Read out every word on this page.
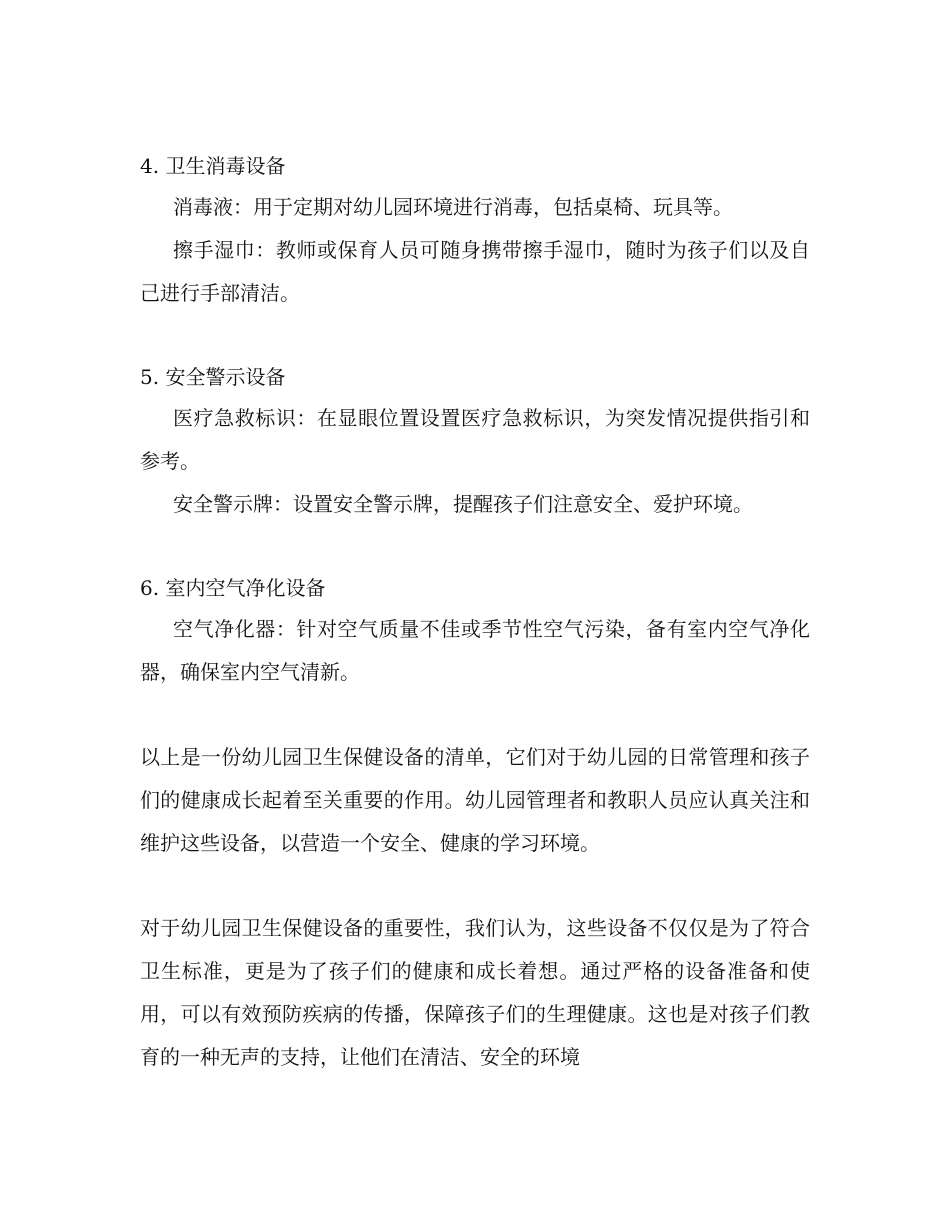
4. 卫生消毒设备
消毒液：用于定期对幼儿园环境进行消毒，包括桌椅、玩具等。
擦手湿巾：教师或保育人员可随身携带擦手湿巾，随时为孩子们以及自己进行手部清洁。
5. 安全警示设备
医疗急救标识：在显眼位置设置医疗急救标识，为突发情况提供指引和参考。
安全警示牌：设置安全警示牌，提醒孩子们注意安全、爱护环境。
6. 室内空气净化设备
空气净化器：针对空气质量不佳或季节性空气污染，备有室内空气净化器，确保室内空气清新。
以上是一份幼儿园卫生保健设备的清单，它们对于幼儿园的日常管理和孩子们的健康成长起着至关重要的作用。幼儿园管理者和教职人员应认真关注和维护这些设备，以营造一个安全、健康的学习环境。
对于幼儿园卫生保健设备的重要性，我们认为，这些设备不仅仅是为了符合卫生标准，更是为了孩子们的健康和成长着想。通过严格的设备准备和使用，可以有效预防疾病的传播，保障孩子们的生理健康。这也是对孩子们教育的一种无声的支持，让他们在清洁、安全的环境
